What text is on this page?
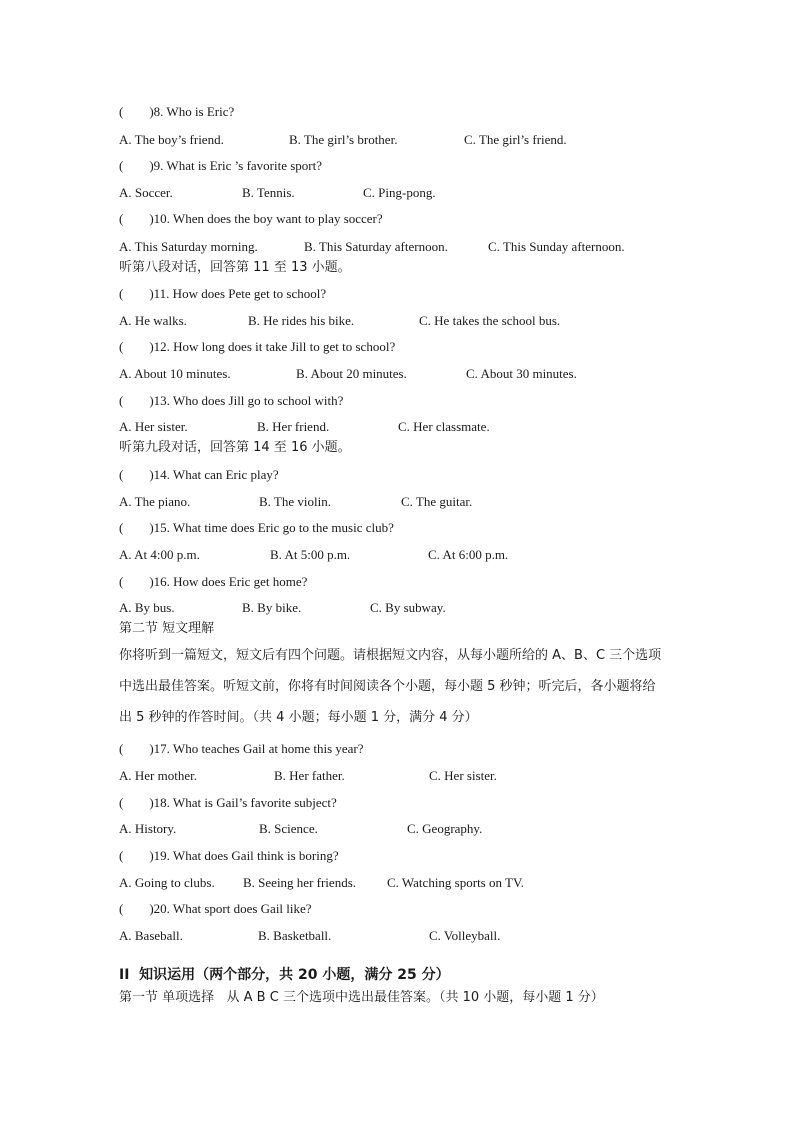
(        )8. Who is Eric?

A. The boy’s friend.

	B. The girl’s brother.

	C. The girl’s friend.

(        )9. What is Eric ’s favorite sport?

A. Soccer.

	B. Tennis.

	C. Ping-pong.

(        )10. When does the boy want to play soccer?

A. This Saturday morning.

	B. This Saturday afternoon.

	C. This Sunday afternoon.

听第八段对话，回答第 11 至 13 小题。
(        )11. How does Pete get to school?

A. He walks.

	B. He rides his bike.

	C. He takes the school bus.

(        )12. How long does it take Jill to get to school?

A. About 10 minutes.

	B. About 20 minutes.

	C. About 30 minutes.

(        )13. Who does Jill go to school with?

A. Her sister.

	B. Her friend.

	C. Her classmate.

听第九段对话，回答第 14 至 16 小题。
(        )14. What can Eric play?

A. The piano.

	B. The violin.

	C. The guitar.

(        )15. What time does Eric go to the music club?

A. At 4:00 p.m.

	B. At 5:00 p.m.

	C. At 6:00 p.m.

(        )16. How does Eric get home?

A. By bus.

	B. By bike.

	C. By subway.

第二节 短文理解
你将听到一篇短文，短文后有四个问题。请根据短文内容，从每小题所给的 A、B、C 三个选项中选出最佳答案。听短文前，你将有时间阅读各个小题，每小题 5 秒钟；听完后，各小题将给出 5 秒钟的作答时间。（共 4 小题；每小题 1 分，满分 4 分）
(        )17. Who teaches Gail at home this year?

A. Her mother.

	B. Her father.

	C. Her sister.

(        )18. What is Gail’s favorite subject?

A. History.

	B. Science.

	C. Geography.

(        )19. What does Gail think is boring?

A. Going to clubs.

B. Seeing her friends.

C. Watching sports on TV.

(        )20. What sport does Gail like?

A. Baseball.

	B. Basketball.

	C. Volleyball.

II  知识运用（两个部分，共 20 小题，满分 25 分）
第一节 单项选择   从 A B C 三个选项中选出最佳答案。（共 10 小题，每小题 1 分）
